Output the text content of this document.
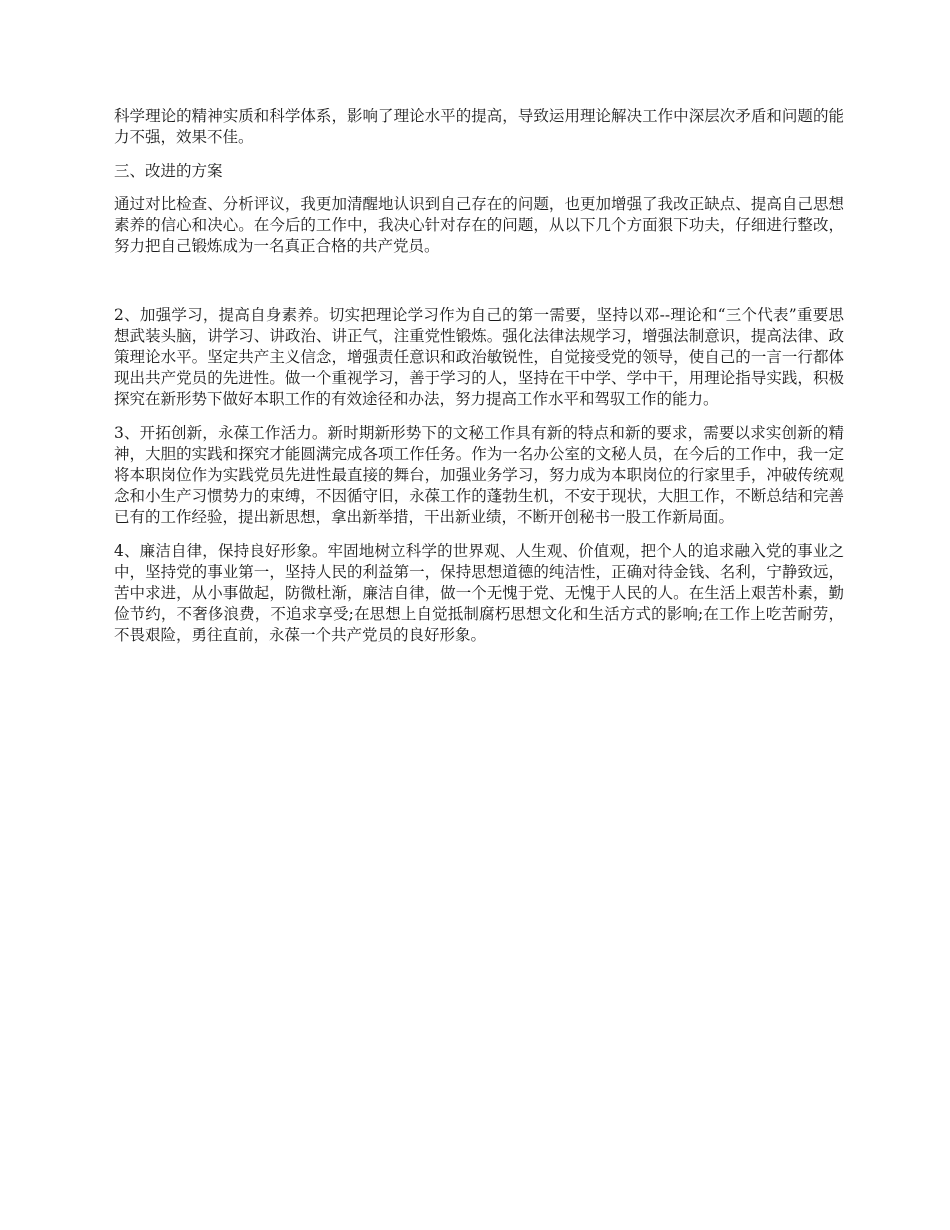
科学理论的精神实质和科学体系，影响了理论水平的提高，导致运用理论解决工作中深层次矛盾和问题的能力不强，效果不佳。

三、改进的方案

通过对比检查、分析评议，我更加清醒地认识到自己存在的问题，也更加增强了我改正缺点、提高自己思想素养的信心和决心。在今后的工作中，我决心针对存在的问题，从以下几个方面狠下功夫，仔细进行整改，努力把自己锻炼成为一名真正合格的共产党员。

2、加强学习，提高自身素养。切实把理论学习作为自己的第一需要，坚持以邓--理论和“三个代表”重要思想武装头脑，讲学习、讲政治、讲正气，注重党性锻炼。强化法律法规学习，增强法制意识，提高法律、政策理论水平。坚定共产主义信念，增强责任意识和政治敏锐性，自觉接受党的领导，使自己的一言一行都体现出共产党员的先进性。做一个重视学习，善于学习的人，坚持在干中学、学中干，用理论指导实践，积极探究在新形势下做好本职工作的有效途径和办法，努力提高工作水平和驾驭工作的能力。

3、开拓创新，永葆工作活力。新时期新形势下的文秘工作具有新的特点和新的要求，需要以求实创新的精神，大胆的实践和探究才能圆满完成各项工作任务。作为一名办公室的文秘人员，在今后的工作中，我一定将本职岗位作为实践党员先进性最直接的舞台，加强业务学习，努力成为本职岗位的行家里手，冲破传统观念和小生产习惯势力的束缚，不因循守旧，永葆工作的蓬勃生机，不安于现状，大胆工作，不断总结和完善已有的工作经验，提出新思想，拿出新举措，干出新业绩，不断开创秘书一股工作新局面。

4、廉洁自律，保持良好形象。牢固地树立科学的世界观、人生观、价值观，把个人的追求融入党的事业之中，坚持党的事业第一，坚持人民的利益第一，保持思想道德的纯洁性，正确对待金钱、名利，宁静致远，苦中求进，从小事做起，防微杜渐，廉洁自律，做一个无愧于党、无愧于人民的人。在生活上艰苦朴素，勤俭节约，不奢侈浪费，不追求享受;在思想上自觉抵制腐朽思想文化和生活方式的影响;在工作上吃苦耐劳，不畏艰险，勇往直前，永葆一个共产党员的良好形象。
